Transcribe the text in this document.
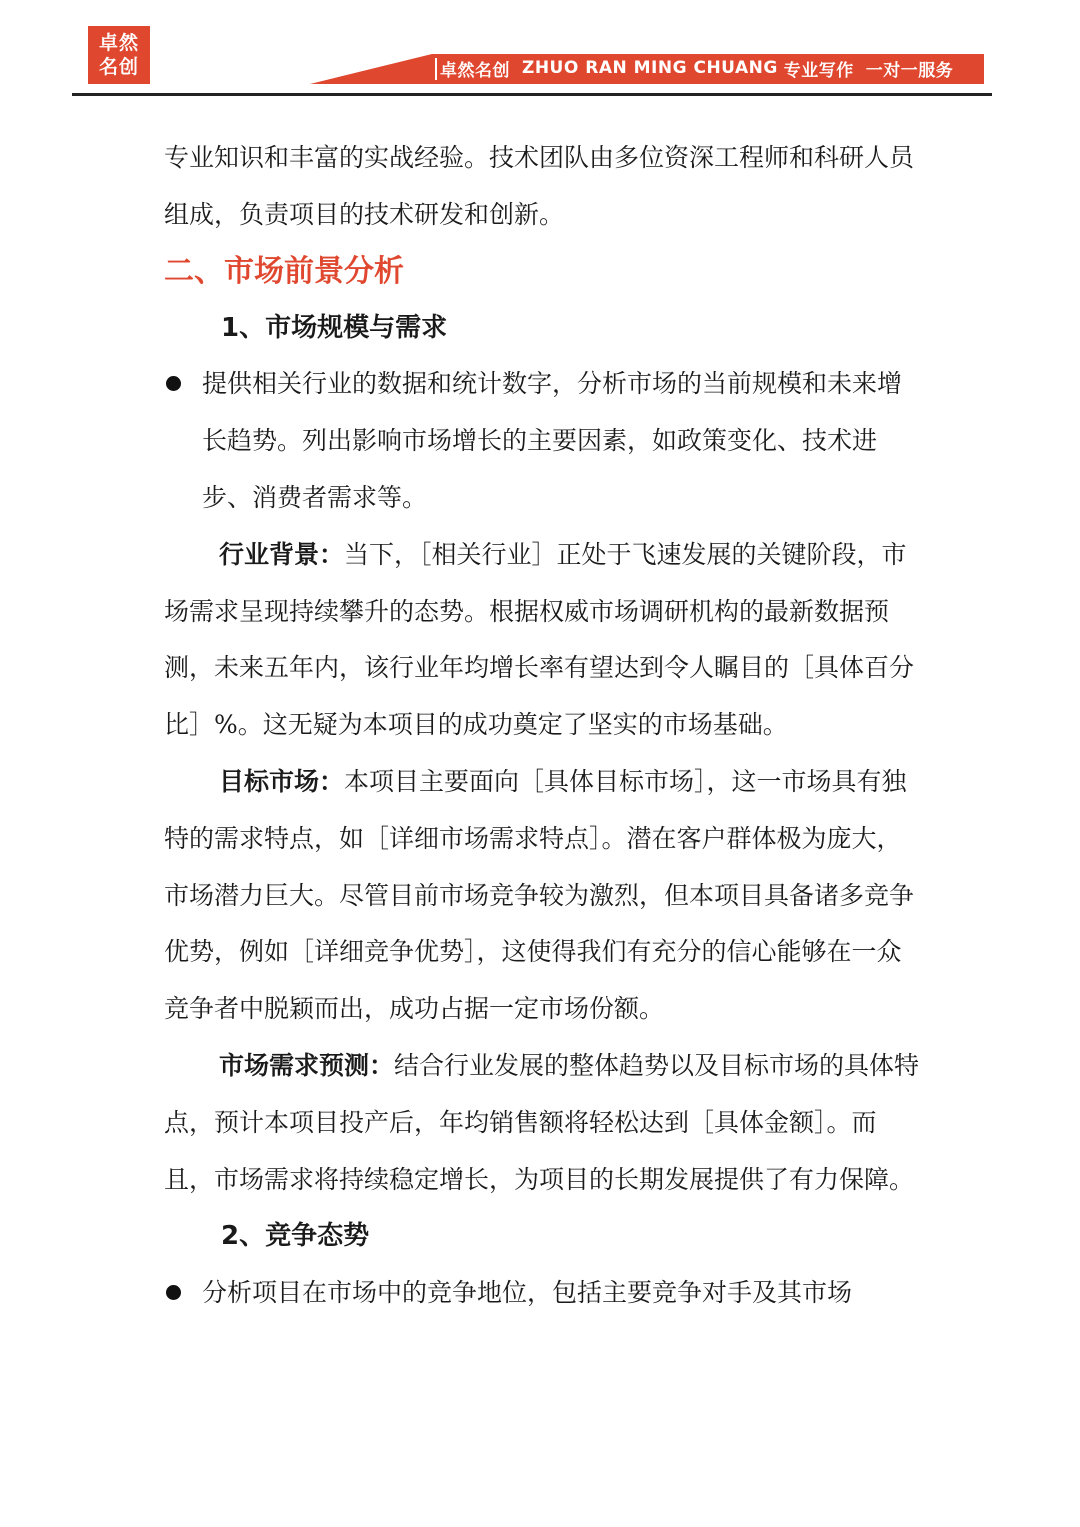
卓然
名创	卓然名创 ZHUO RAN MING CHUANG 专业写作 一对一服务

专业知识和丰富的实战经验。技术团队由多位资深工程师和科研人员组成，负责项目的技术研发和创新。

二、市场前景分析
1、市场规模与需求

提供相关行业的数据和统计数字，分析市场的当前规模和未来增长趋势。列出影响市场增长的主要因素，如政策变化、技术进步、消费者需求等。

行业背景：当下，［相关行业］正处于飞速发展的关键阶段，市场需求呈现持续攀升的态势。根据权威市场调研机构的最新数据预测，未来五年内，该行业年均增长率有望达到令人瞩目的［具体百分比］%。这无疑为本项目的成功奠定了坚实的市场基础。

目标市场：本项目主要面向［具体目标市场］，这一市场具有独特的需求特点，如［详细市场需求特点］。潜在客户群体极为庞大，市场潜力巨大。尽管目前市场竞争较为激烈，但本项目具备诸多竞争优势，例如［详细竞争优势］，这使得我们有充分的信心能够在一众竞争者中脱颖而出，成功占据一定市场份额。

市场需求预测：结合行业发展的整体趋势以及目标市场的具体特点，预计本项目投产后，年均销售额将轻松达到［具体金额］。而且，市场需求将持续稳定增长，为项目的长期发展提供了有力保障。

2、竞争态势

分析项目在市场中的竞争地位，包括主要竞争对手及其市场
